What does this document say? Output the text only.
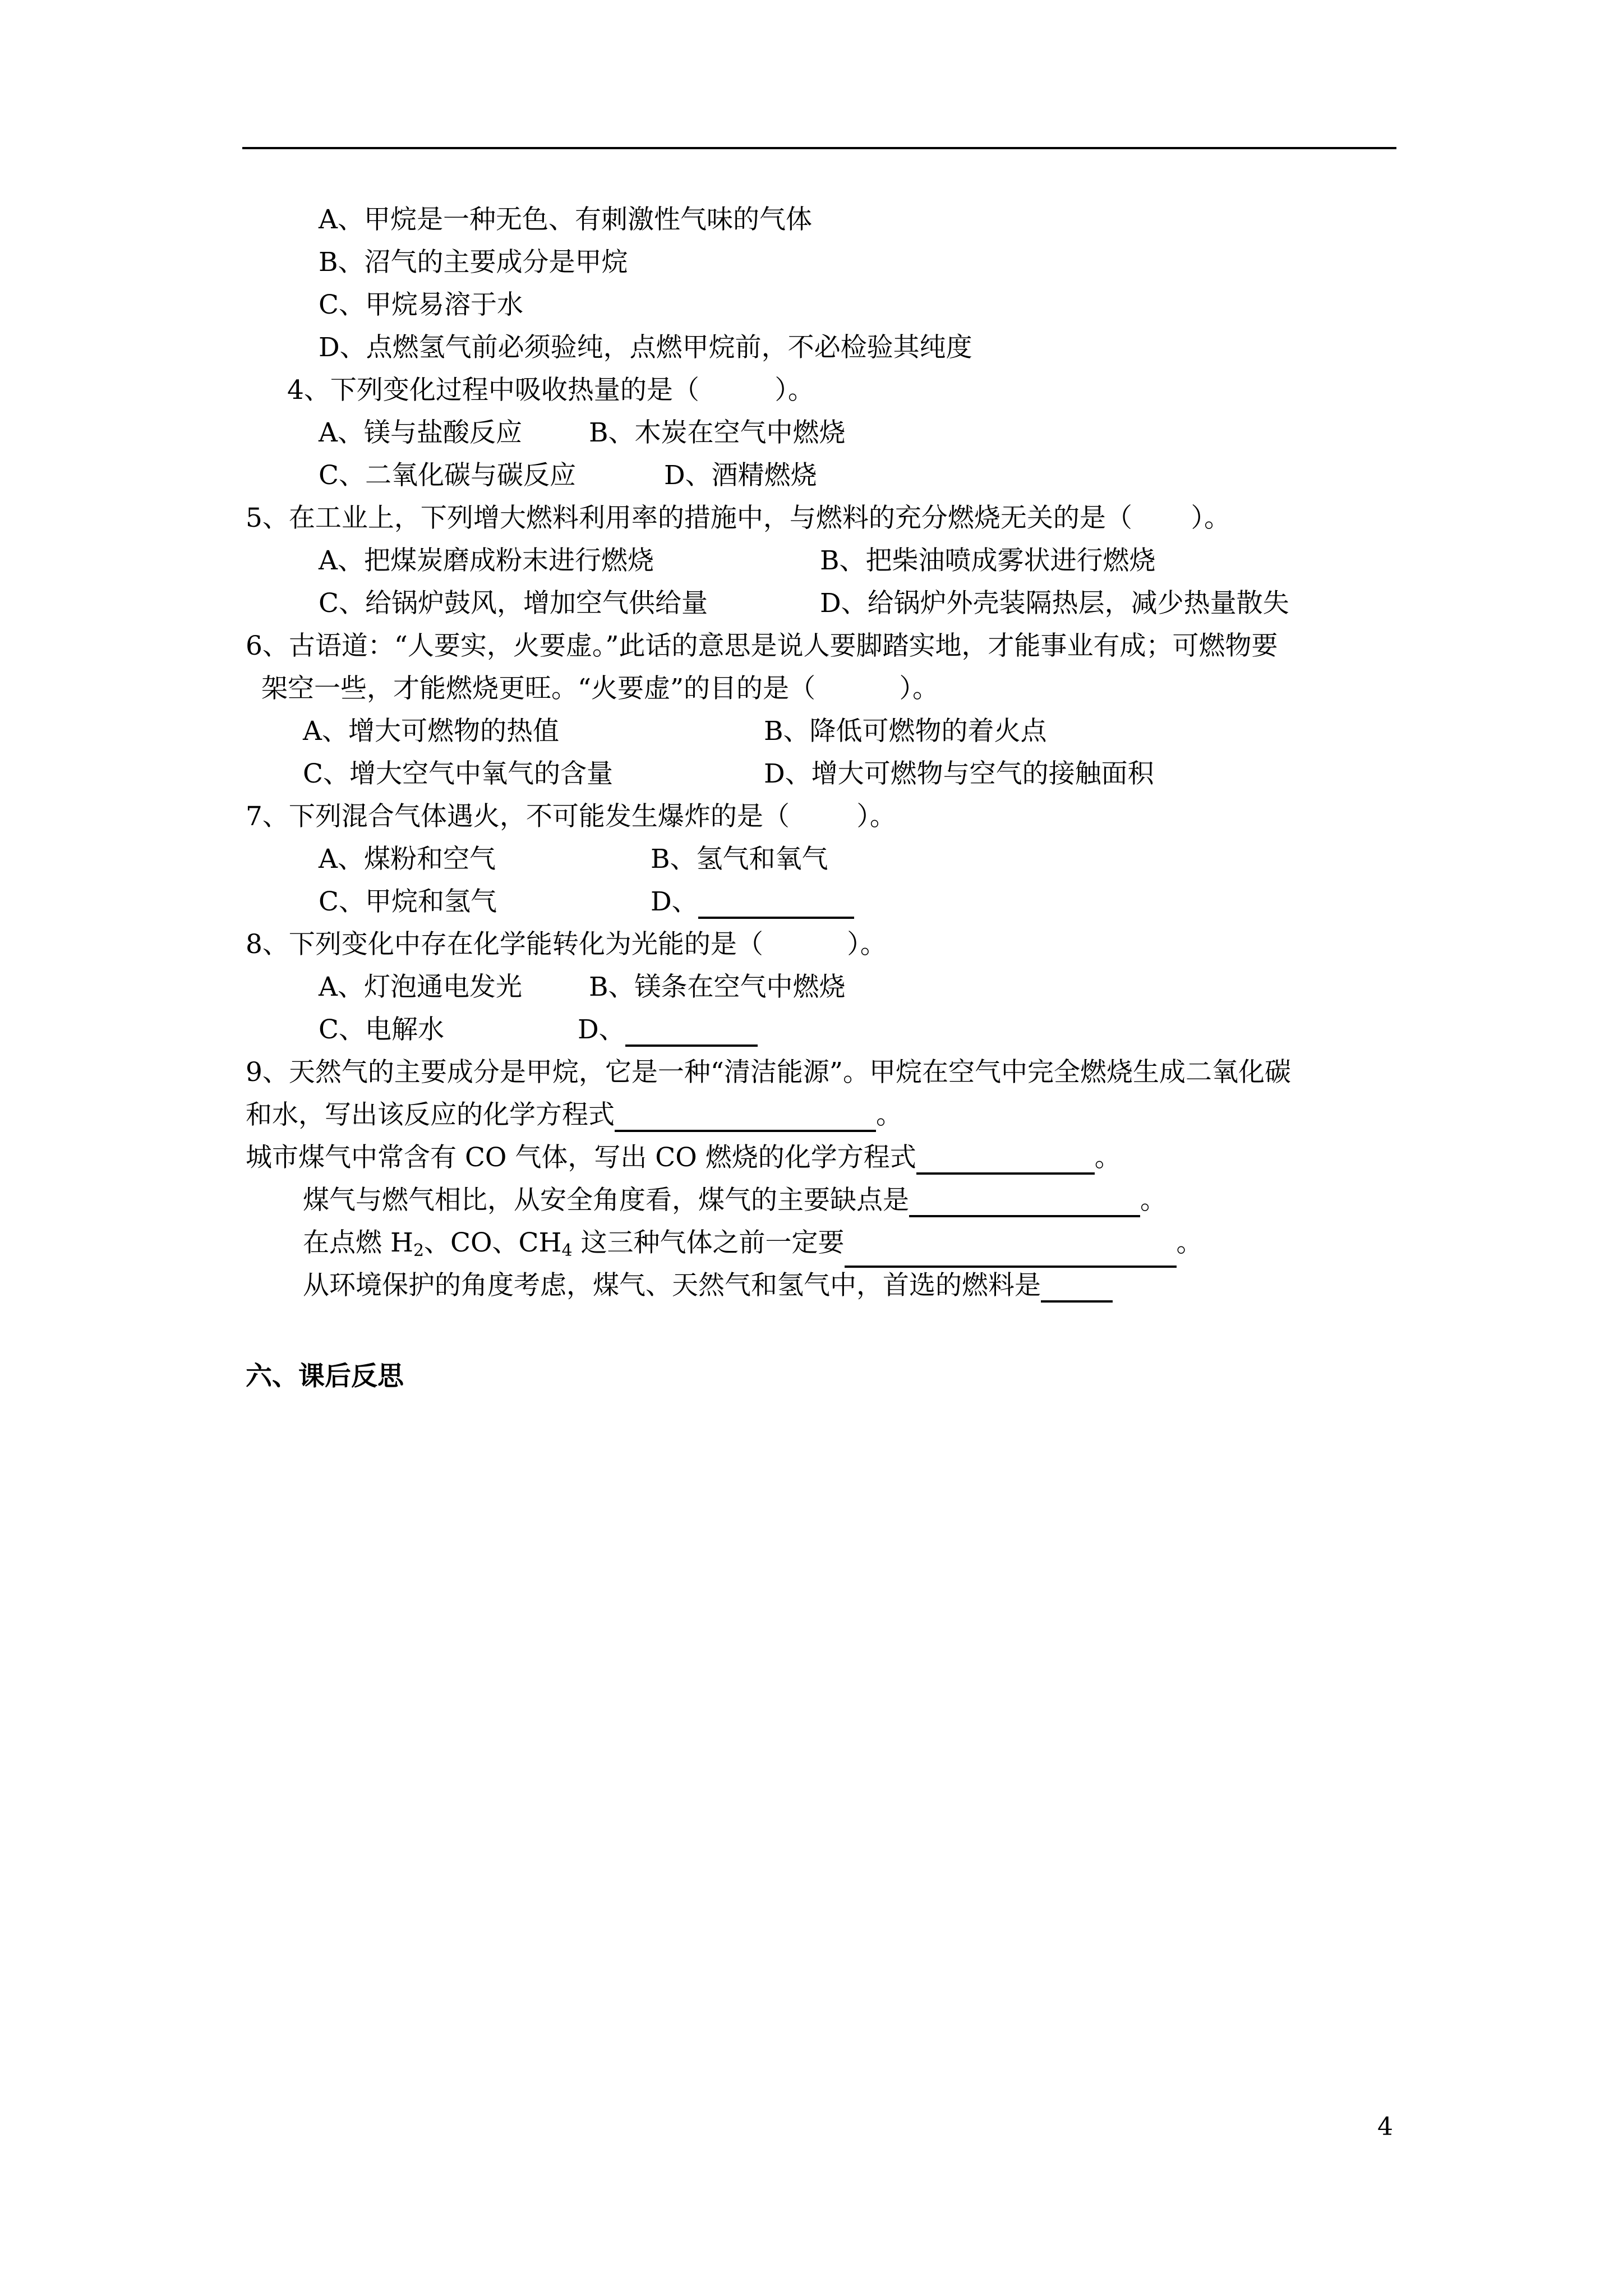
A、甲烷是一种无色、有刺激性气味的气体

B、沼气的主要成分是甲烷

C、甲烷易溶于水

D、点燃氢气前必须验纯，点燃甲烷前，不必检验其纯度

4、下列变化过程中吸收热量的是（         ）。

A、镁与盐酸反应

	B、木炭在空气中燃烧

C、二氧化碳与碳反应

	D、酒精燃烧

5、在工业上，下列增大燃料利用率的措施中，与燃料的充分燃烧无关的是（       ）。

A、把煤炭磨成粉末进行燃烧

	B、把柴油喷成雾状进行燃烧

C、给锅炉鼓风，增加空气供给量

	D、给锅炉外壳装隔热层，减少热量散失

6、古语道：“人要实，火要虚。”此话的意思是说人要脚踏实地，才能事业有成；可燃物要

架空一些，才能燃烧更旺。“火要虚”的目的是（          ）。

A、增大可燃物的热值

	B、降低可燃物的着火点

C、增大空气中氧气的含量

	D、增大可燃物与空气的接触面积

7、下列混合气体遇火，不可能发生爆炸的是（        ）。

A、煤粉和空气

	B、氢气和氧气

C、甲烷和氢气

	D、

8、下列变化中存在化学能转化为光能的是（          ）。

A、灯泡通电发光

	B、镁条在空气中燃烧

C、电解水

	D、

9、天然气的主要成分是甲烷，它是一种“清洁能源”。甲烷在空气中完全燃烧生成二氧化碳

和水，写出该反应的化学方程式	。

城市煤气中常含有 CO 气体，写出 CO 燃烧的化学方程式	。

煤气与燃气相比，从安全角度看，煤气的主要缺点是	。

在点燃 $H_2$、CO、$CH_4$ 这三种气体之前一定要	。

从环境保护的角度考虑，煤气、天然气和氢气中，首选的燃料是

六、课后反思

4
